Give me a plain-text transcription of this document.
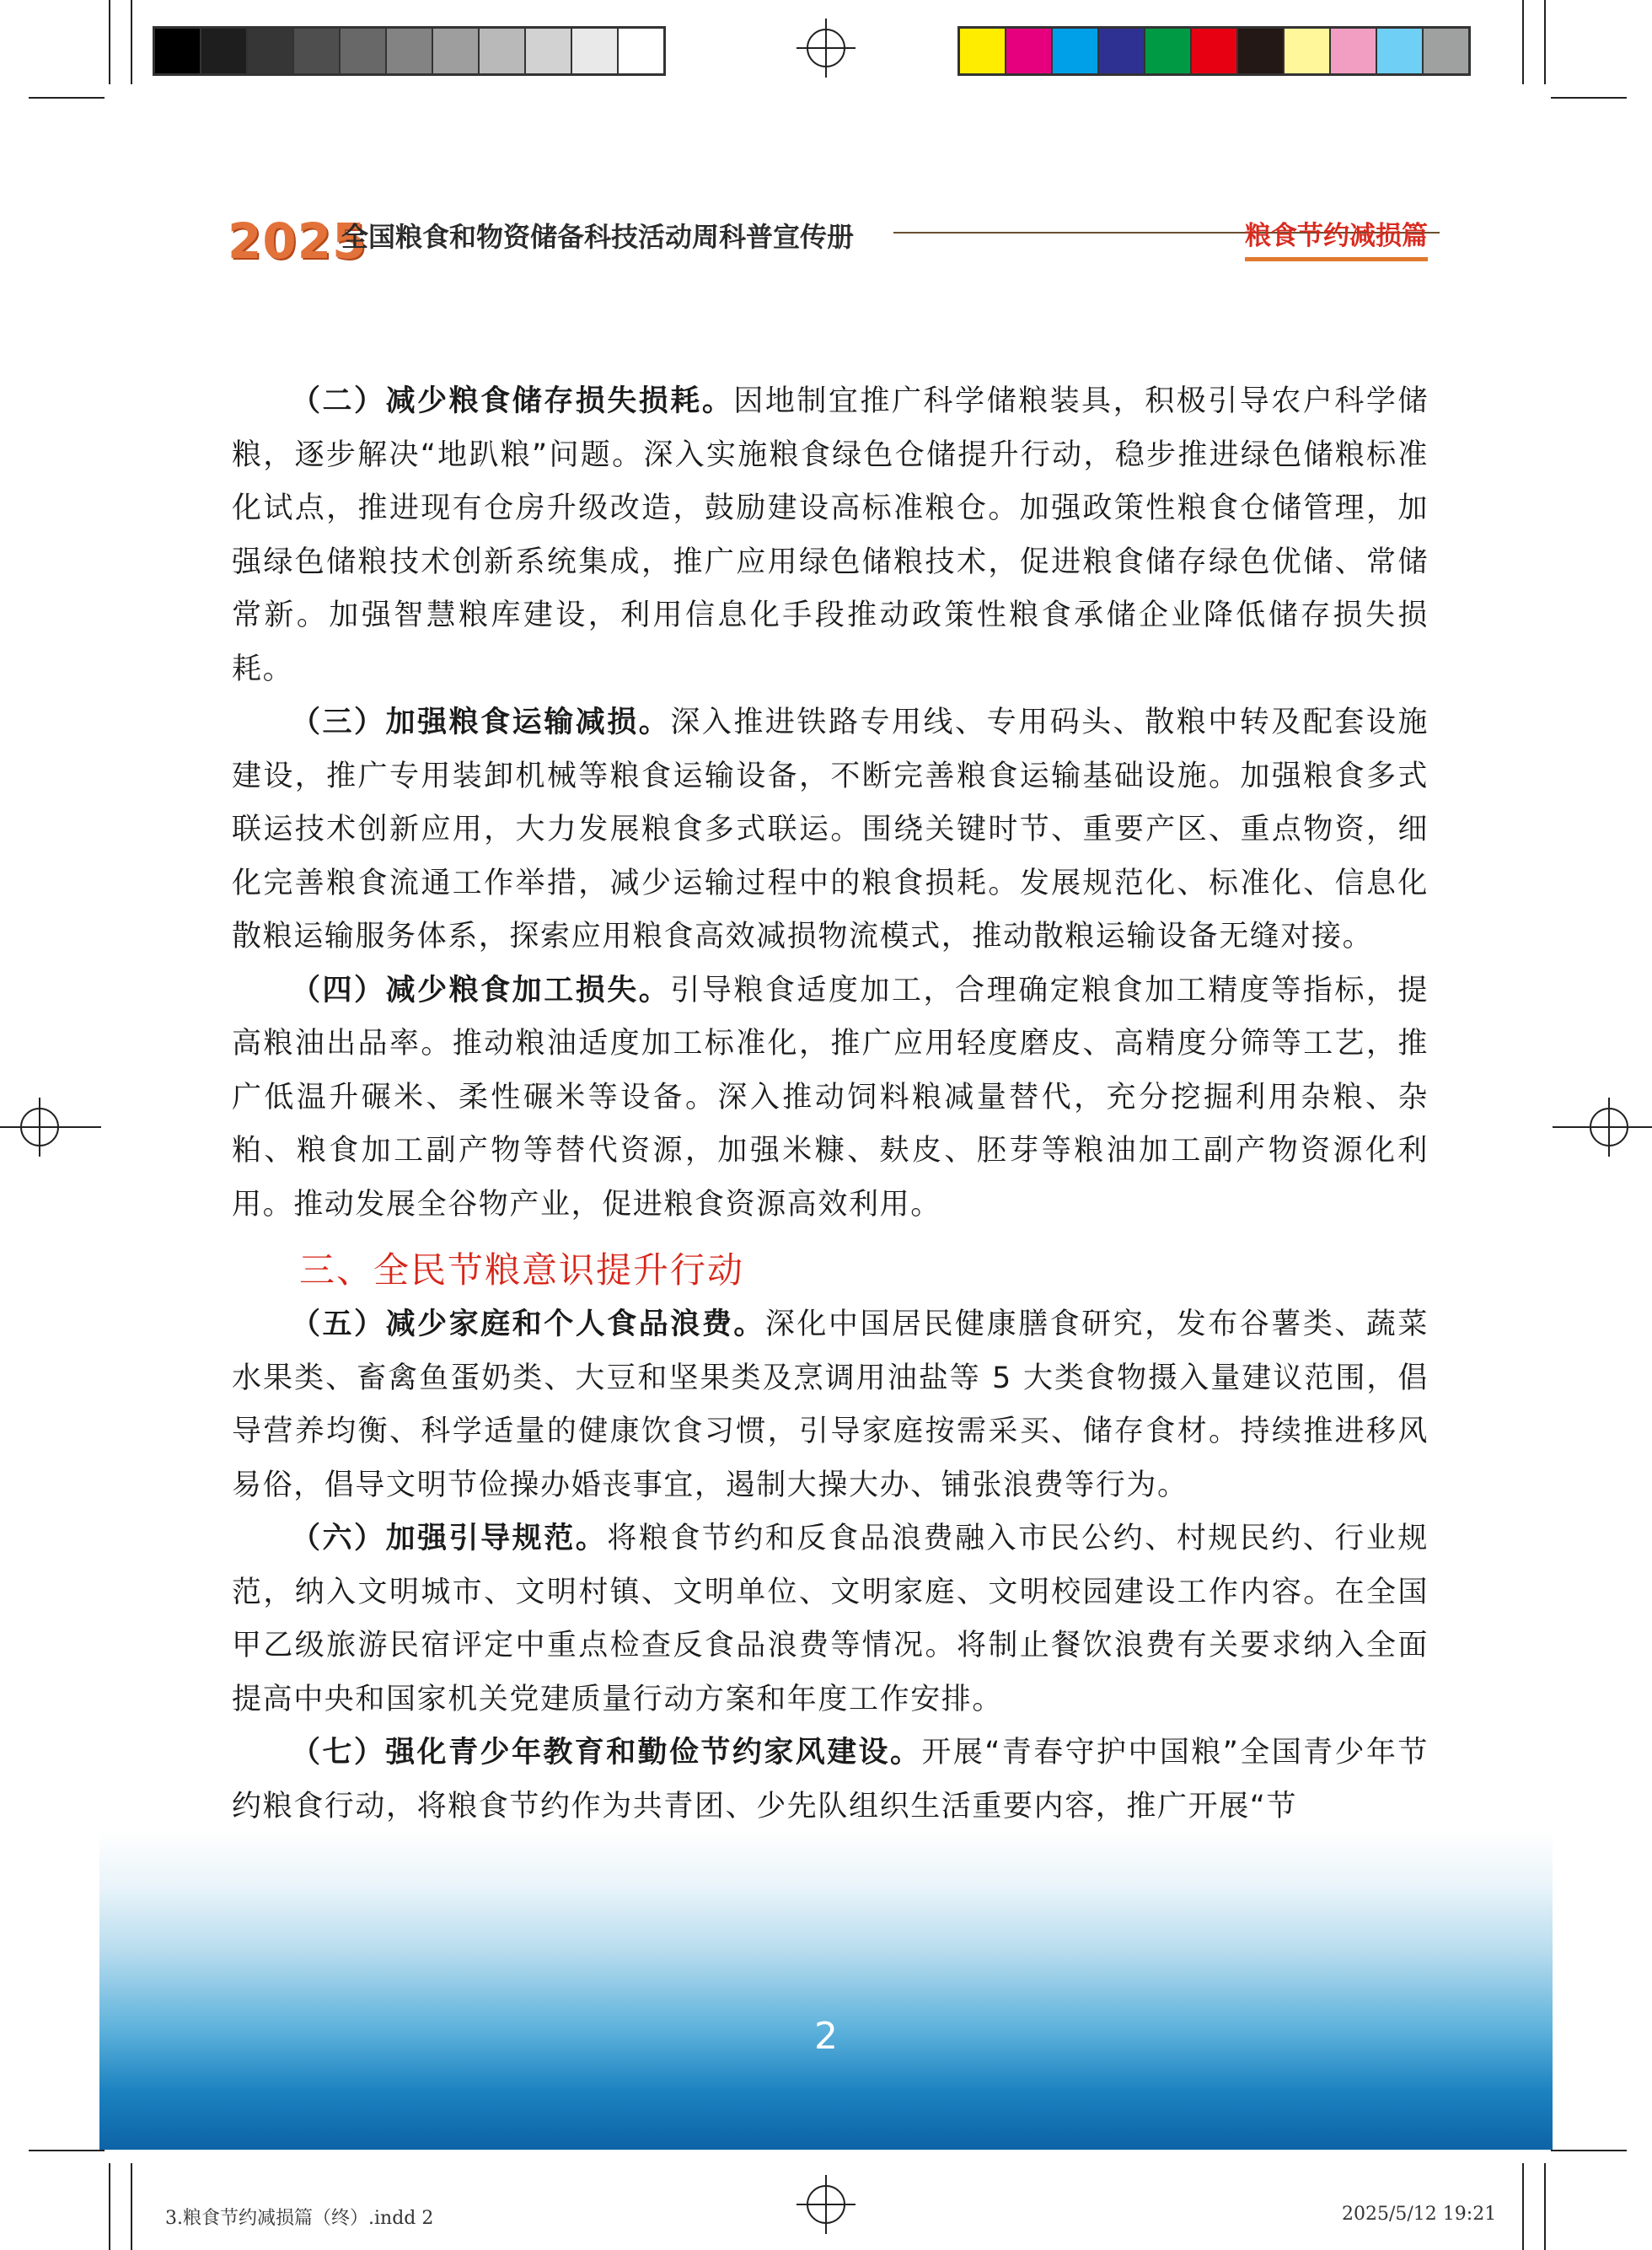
2025
全国粮食和物资储备科技活动周科普宣传册	粮食节约减损篇

（二）减少粮食储存损失损耗。因地制宜推广科学储粮装具，积极引导农户科学储粮，逐步解决“地趴粮”问题。深入实施粮食绿色仓储提升行动，稳步推进绿色储粮标准化试点，推进现有仓房升级改造，鼓励建设高标准粮仓。加强政策性粮食仓储管理，加强绿色储粮技术创新系统集成，推广应用绿色储粮技术，促进粮食储存绿色优储、常储常新。加强智慧粮库建设，利用信息化手段推动政策性粮食承储企业降低储存损失损耗。

（三）加强粮食运输减损。深入推进铁路专用线、专用码头、散粮中转及配套设施建设，推广专用装卸机械等粮食运输设备，不断完善粮食运输基础设施。加强粮食多式联运技术创新应用，大力发展粮食多式联运。围绕关键时节、重要产区、重点物资，细化完善粮食流通工作举措，减少运输过程中的粮食损耗。发展规范化、标准化、信息化散粮运输服务体系，探索应用粮食高效减损物流模式，推动散粮运输设备无缝对接。

（四）减少粮食加工损失。引导粮食适度加工，合理确定粮食加工精度等指标，提高粮油出品率。推动粮油适度加工标准化，推广应用轻度磨皮、高精度分筛等工艺，推广低温升碾米、柔性碾米等设备。深入推动饲料粮减量替代，充分挖掘利用杂粮、杂粕、粮食加工副产物等替代资源，加强米糠、麸皮、胚芽等粮油加工副产物资源化利用。推动发展全谷物产业，促进粮食资源高效利用。

三、全民节粮意识提升行动

（五）减少家庭和个人食品浪费。深化中国居民健康膳食研究，发布谷薯类、蔬菜水果类、畜禽鱼蛋奶类、大豆和坚果类及烹调用油盐等 5 大类食物摄入量建议范围，倡导营养均衡、科学适量的健康饮食习惯，引导家庭按需采买、储存食材。持续推进移风易俗，倡导文明节俭操办婚丧事宜，遏制大操大办、铺张浪费等行为。

（六）加强引导规范。将粮食节约和反食品浪费融入市民公约、村规民约、行业规范，纳入文明城市、文明村镇、文明单位、文明家庭、文明校园建设工作内容。在全国甲乙级旅游民宿评定中重点检查反食品浪费等情况。将制止餐饮浪费有关要求纳入全面提高中央和国家机关党建质量行动方案和年度工作安排。

（七）强化青少年教育和勤俭节约家风建设。开展“青春守护中国粮”全国青少年节约粮食行动，将粮食节约作为共青团、少先队组织生活重要内容，推广开展“节

2
3.粮食节约减损篇（终）.indd 2	2025/5/12 19:21
